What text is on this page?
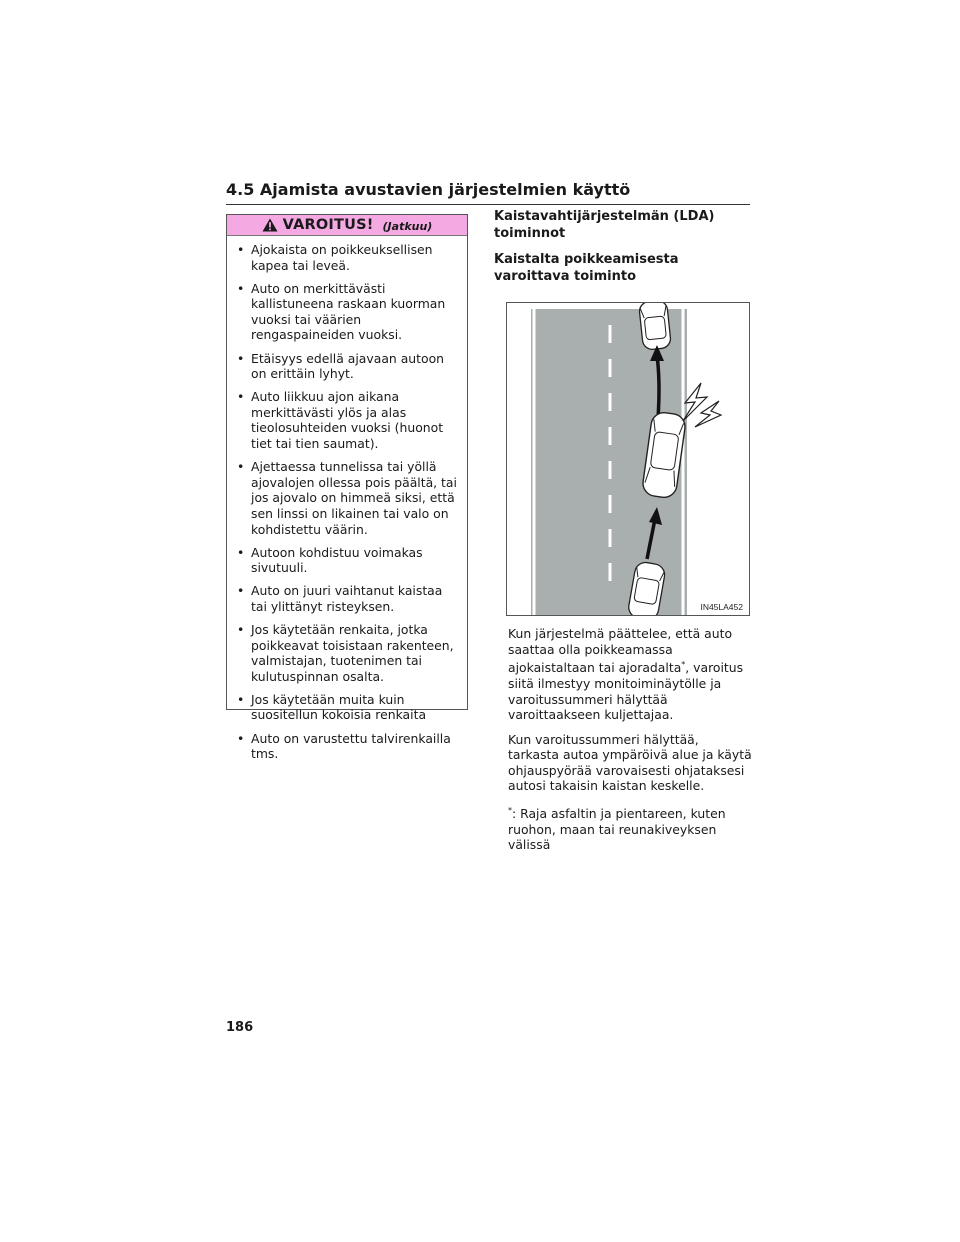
4.5 Ajamista avustavien järjestelmien käyttö
VAROITUS! (Jatkuu)
• Ajokaista on poikkeuksellisen kapea tai leveä.
• Auto on merkittävästi kallistuneena raskaan kuorman vuoksi tai väärien rengaspaineiden vuoksi.
• Etäisyys edellä ajavaan autoon on erittäin lyhyt.
• Auto liikkuu ajon aikana merkittävästi ylös ja alas tieolosuhteiden vuoksi (huonot tiet tai tien saumat).
• Ajettaessa tunnelissa tai yöllä ajovalojen ollessa pois päältä, tai jos ajovalo on himmeä siksi, että sen linssi on likainen tai valo on kohdistettu väärin.
• Autoon kohdistuu voimakas sivutuuli.
• Auto on juuri vaihtanut kaistaa tai ylittänyt risteyksen.
• Jos käytetään renkaita, jotka poikkeavat toisistaan rakenteen, valmistajan, tuotenimen tai kulutuspinnan osalta.
• Jos käytetään muita kuin suositellun kokoisia renkaita
• Auto on varustettu talvirenkailla tms.

Kaistavahtijärjestelmän (LDA) toiminnot

Kaistalta poikkeamisesta varoittava toiminto

IN45LA452

Kun järjestelmä päättelee, että auto saattaa olla poikkeamassa ajokaistaltaan tai ajoradalta*, varoitus siitä ilmestyy monitoiminäytölle ja varoitussummeri hälyttää varoittaakseen kuljettajaa.

Kun varoitussummeri hälyttää, tarkasta autoa ympäröivä alue ja käytä ohjauspyörää varovaisesti ohjataksesi autosi takaisin kaistan keskelle.

*: Raja asfaltin ja pientareen, kuten ruohon, maan tai reunakiveyksen välissä

186
